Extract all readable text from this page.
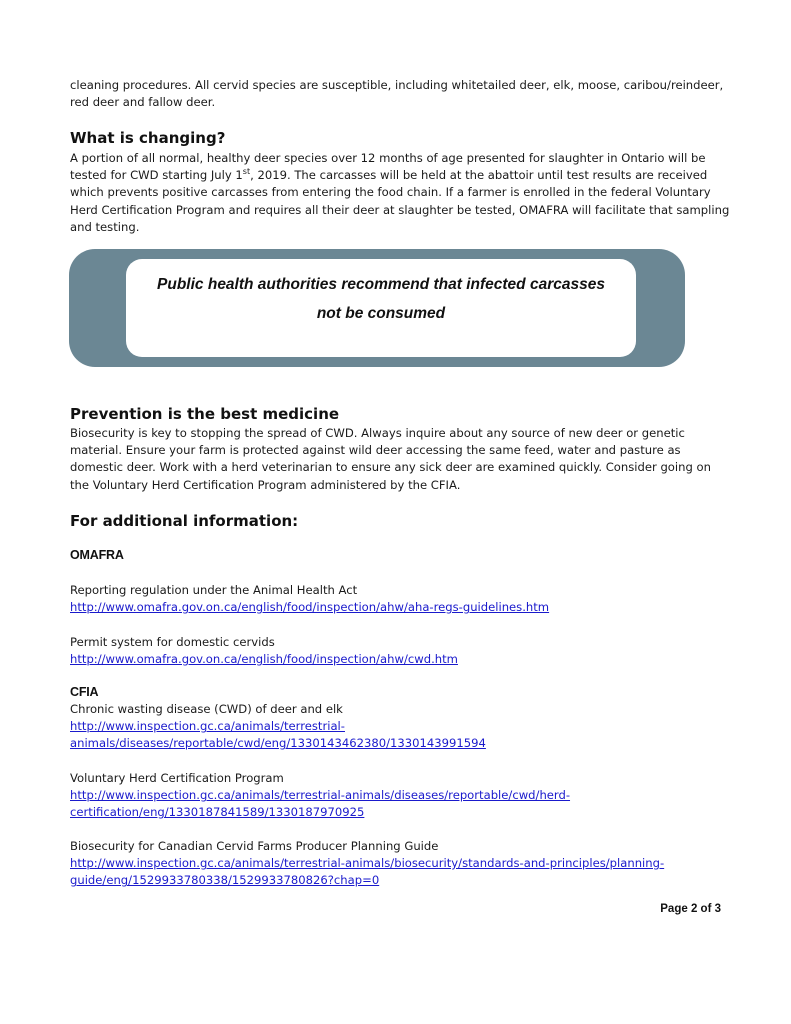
cleaning procedures. All cervid species are susceptible, including whitetailed deer, elk, moose, caribou/reindeer, red deer and fallow deer.

What is changing?

A portion of all normal, healthy deer species over 12 months of age presented for slaughter in Ontario will be tested for CWD starting July 1st, 2019. The carcasses will be held at the abattoir until test results are received which prevents positive carcasses from entering the food chain. If a farmer is enrolled in the federal Voluntary Herd Certification Program and requires all their deer at slaughter be tested, OMAFRA will facilitate that sampling and testing.

Public health authorities recommend that infected carcasses
not be consumed

Prevention is the best medicine

Biosecurity is key to stopping the spread of CWD. Always inquire about any source of new deer or genetic material. Ensure your farm is protected against wild deer accessing the same feed, water and pasture as domestic deer. Work with a herd veterinarian to ensure any sick deer are examined quickly. Consider going on the Voluntary Herd Certification Program administered by the CFIA.

For additional information:
OMAFRA
Reporting regulation under the Animal Health Act
http://www.omafra.gov.on.ca/english/food/inspection/ahw/aha-regs-guidelines.htm
Permit system for domestic cervids
http://www.omafra.gov.on.ca/english/food/inspection/ahw/cwd.htm
CFIA
Chronic wasting disease (CWD) of deer and elk
http://www.inspection.gc.ca/animals/terrestrial-
animals/diseases/reportable/cwd/eng/1330143462380/1330143991594
Voluntary Herd Certification Program
http://www.inspection.gc.ca/animals/terrestrial-animals/diseases/reportable/cwd/herd-
certification/eng/1330187841589/1330187970925
Biosecurity for Canadian Cervid Farms Producer Planning Guide
http://www.inspection.gc.ca/animals/terrestrial-animals/biosecurity/standards-and-principles/planning-
guide/eng/1529933780338/1529933780826?chap=0

Page 2 of 3
